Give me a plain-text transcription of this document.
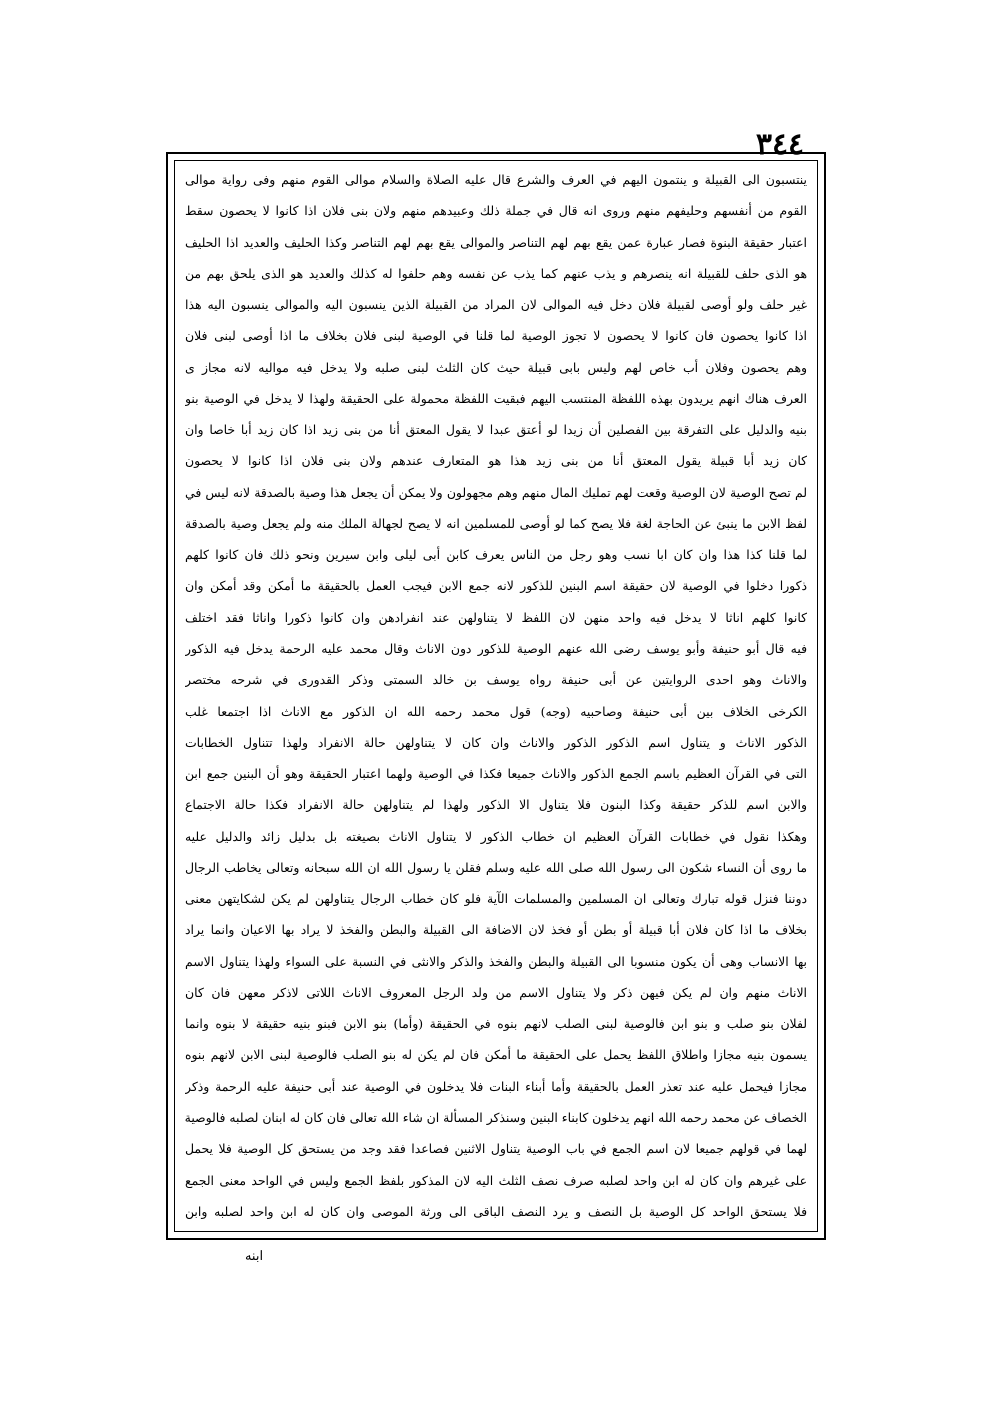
٣٤٤
ينتسبون الى القبيلة و ينتمون اليهم في العرف والشرع قال عليه الصلاة والسلام موالى القوم منهم وفى رواية موالى
القوم من أنفسهم وحليفهم منهم وروى انه قال في جملة ذلك وعبيدهم منهم ولان بنى فلان اذا كانوا لا يحصون سقط
اعتبار حقيقة البنوة فصار عبارة عمن يقع بهم لهم التناصر والموالى يقع بهم لهم التناصر وكذا الحليف والعديد اذا الحليف
هو الذى حلف للقبيلة انه ينصرهم و يذب عنهم كما يذب عن نفسه وهم حلفوا له كذلك والعديد هو الذى يلحق بهم من
غير حلف ولو أوصى لقبيلة فلان دخل فيه الموالى لان المراد من القبيلة الذين ينسبون اليه والموالى ينسبون اليه هذا
اذا كانوا يحصون فان كانوا لا يحصون لا تجوز الوصية لما قلنا في الوصية لبنى فلان بخلاف ما اذا أوصى لبنى فلان
وهم يحصون وفلان أب خاص لهم وليس بابى قبيلة حيث كان الثلث لبنى صلبه ولا يدخل فيه مواليه لانه مجاز ى
العرف هناك انهم يريدون بهذه اللفظة المنتسب اليهم فبقيت اللفظة محمولة على الحقيقة ولهذا لا يدخل في الوصية بنو
بنيه والدليل على التفرقة بين الفصلين أن زيدا لو أعتق عبدا لا يقول المعتق أنا من بنى زيد اذا كان زيد أبا خاصا وان
كان زيد أبا قبيلة يقول المعتق أنا من بنى زيد هذا هو المتعارف عندهم ولان بنى فلان اذا كانوا لا يحصون
لم تصح الوصية لان الوصية وقعت لهم تمليك المال منهم وهم مجهولون ولا يمكن أن يجعل هذا وصية بالصدقة لانه ليس في
لفظ الابن ما ينبئ عن الحاجة لغة فلا يصح كما لو أوصى للمسلمين انه لا يصح لجهالة الملك منه ولم يجعل وصية بالصدقة
لما قلنا كذا هذا وان كان ابا نسب وهو رجل من الناس يعرف كابن أبى ليلى وابن سيرين ونحو ذلك فان كانوا كلهم
ذكورا دخلوا في الوصية لان حقيقة اسم البنين للذكور لانه جمع الابن فيجب العمل بالحقيقة ما أمكن وقد أمكن وان
كانوا كلهم اناثا لا يدخل فيه واحد منهن لان اللفظ لا يتناولهن عند انفرادهن وان كانوا ذكورا واناثا فقد اختلف
فيه قال أبو حنيفة وأبو يوسف رضى الله عنهم الوصية للذكور دون الاناث وقال محمد عليه الرحمة يدخل فيه الذكور
والاناث وهو احدى الروايتين عن أبى حنيفة رواه يوسف بن خالد السمتى وذكر القدورى في شرحه مختصر
الكرخى الخلاف بين أبى حنيفة وصاحبيه (وجه) قول محمد رحمه الله ان الذكور مع الاناث اذا اجتمعا غلب
الذكور الاناث و يتناول اسم الذكور الذكور والاناث وان كان لا يتناولهن حالة الانفراد ولهذا تتناول الخطابات
التى في القرآن العظيم باسم الجمع الذكور والاناث جميعا فكذا في الوصية ولهما اعتبار الحقيقة وهو أن البنين جمع ابن
والابن اسم للذكر حقيقة وكذا البنون فلا يتناول الا الذكور ولهذا لم يتناولهن حالة الانفراد فكذا حالة الاجتماع
وهكذا نقول في خطابات القرآن العظيم ان خطاب الذكور لا يتناول الاناث بصيغته بل بدليل زائد والدليل عليه
ما روى أن النساء شكون الى رسول الله صلى الله عليه وسلم فقلن يا رسول الله ان الله سبحانه وتعالى يخاطب الرجال
دوننا فنزل قوله تبارك وتعالى ان المسلمين والمسلمات الآية فلو كان خطاب الرجال يتناولهن لم يكن لشكايتهن معنى
بخلاف ما اذا كان فلان أبا قبيلة أو بطن أو فخذ لان الاضافة الى القبيلة والبطن والفخذ لا يراد بها الاعيان وانما يراد
بها الانساب وهى أن يكون منسوبا الى القبيلة والبطن والفخذ والذكر والانثى في النسبة على السواء ولهذا يتناول الاسم
الاناث منهم وان لم يكن فيهن ذكر ولا يتناول الاسم من ولد الرجل المعروف الاناث اللاتى لاذكر معهن فان كان
لفلان بنو صلب و بنو ابن فالوصية لبنى الصلب لانهم بنوه في الحقيقة (وأما) بنو الابن فبنو بنيه حقيقة لا بنوه وانما
يسمون بنيه مجازا واطلاق اللفظ يحمل على الحقيقة ما أمكن فان لم يكن له بنو الصلب فالوصية لبنى الابن لانهم بنوه
مجازا فيحمل عليه عند تعذر العمل بالحقيقة وأما أبناء البنات فلا يدخلون في الوصية عند أبى حنيفة عليه الرحمة وذكر
الخصاف عن محمد رحمه الله انهم يدخلون كابناء البنين وسنذكر المسألة ان شاء الله تعالى فان كان له ابنان لصلبه فالوصية
لهما في قولهم جميعا لان اسم الجمع في باب الوصية يتناول الاثنين فصاعدا فقد وجد من يستحق كل الوصية فلا يحمل
على غيرهم وان كان له ابن واحد لصلبه صرف نصف الثلث اليه لان المذكور بلفظ الجمع وليس في الواحد معنى الجمع
فلا يستحق الواحد كل الوصية بل النصف و يرد النصف الباقى الى ورثة الموصى وان كان له ابن واحد لصلبه وابن
ابنه
